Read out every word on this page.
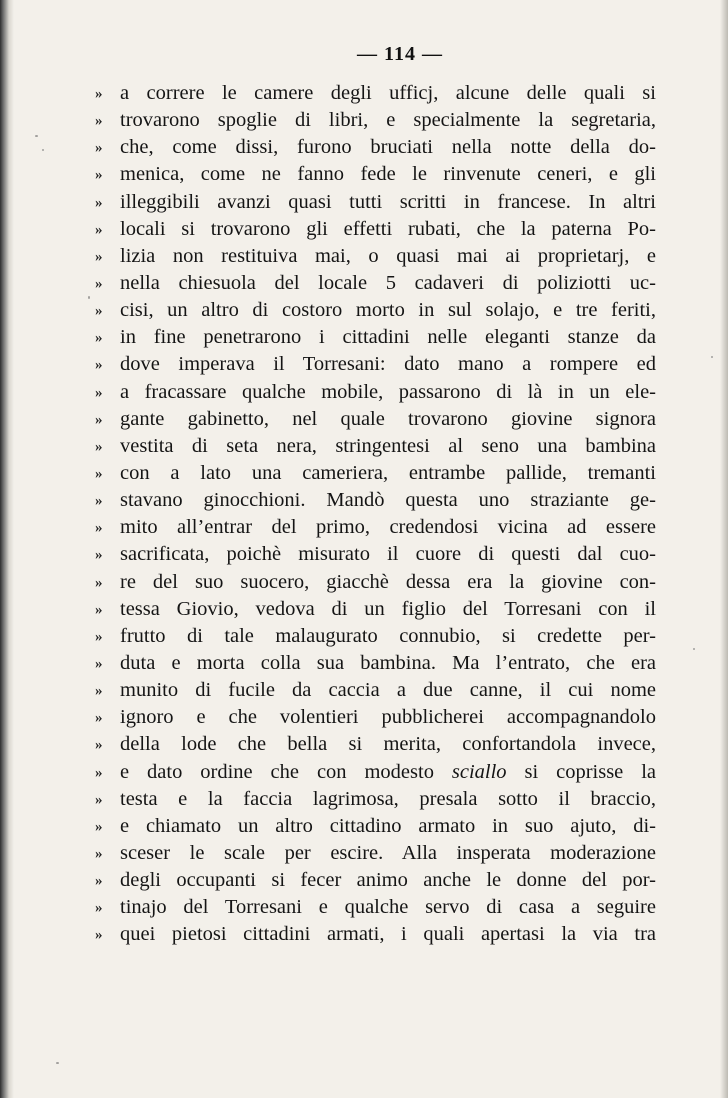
— 114 —
» a correre le camere degli ufficj, alcune delle quali si
» trovarono spoglie di libri, e specialmente la segretaria,
» che, come dissi, furono bruciati nella notte della do-
» menica, come ne fanno fede le rinvenute ceneri, e gli
» illeggibili avanzi quasi tutti scritti in francese. In altri
» locali si trovarono gli effetti rubati, che la paterna Po-
» lizia non restituiva mai, o quasi mai ai proprietarj, e
» nella chiesuola del locale 5 cadaveri di poliziotti uc-
» cisi, un altro di costoro morto in sul solajo, e tre feriti,
» in fine penetrarono i cittadini nelle eleganti stanze da
» dove imperava il Torresani: dato mano a rompere ed
» a fracassare qualche mobile, passarono di là in un ele-
» gante gabinetto, nel quale trovarono giovine signora
» vestita di seta nera, stringentesi al seno una bambina
» con a lato una cameriera, entrambe pallide, tremanti
» stavano ginocchioni. Mandò questa uno straziante ge-
» mito all’entrar del primo, credendosi vicina ad essere
» sacrificata, poichè misurato il cuore di questi dal cuo-
» re del suo suocero, giacchè dessa era la giovine con-
» tessa Giovio, vedova di un figlio del Torresani con il
» frutto di tale malaugurato connubio, si credette per-
» duta e morta colla sua bambina. Ma l’entrato, che era
» munito di fucile da caccia a due canne, il cui nome
» ignoro e che volentieri pubblicherei accompagnandolo
» della lode che bella si merita, confortandola invece,
» e dato ordine che con modesto sciallo si coprisse la
» testa e la faccia lagrimosa, presala sotto il braccio,
» e chiamato un altro cittadino armato in suo ajuto, di-
» sceser le scale per escire. Alla insperata moderazione
» degli occupanti si fecer animo anche le donne del por-
» tinajo del Torresani e qualche servo di casa a seguire
» quei pietosi cittadini armati, i quali apertasi la via tra
